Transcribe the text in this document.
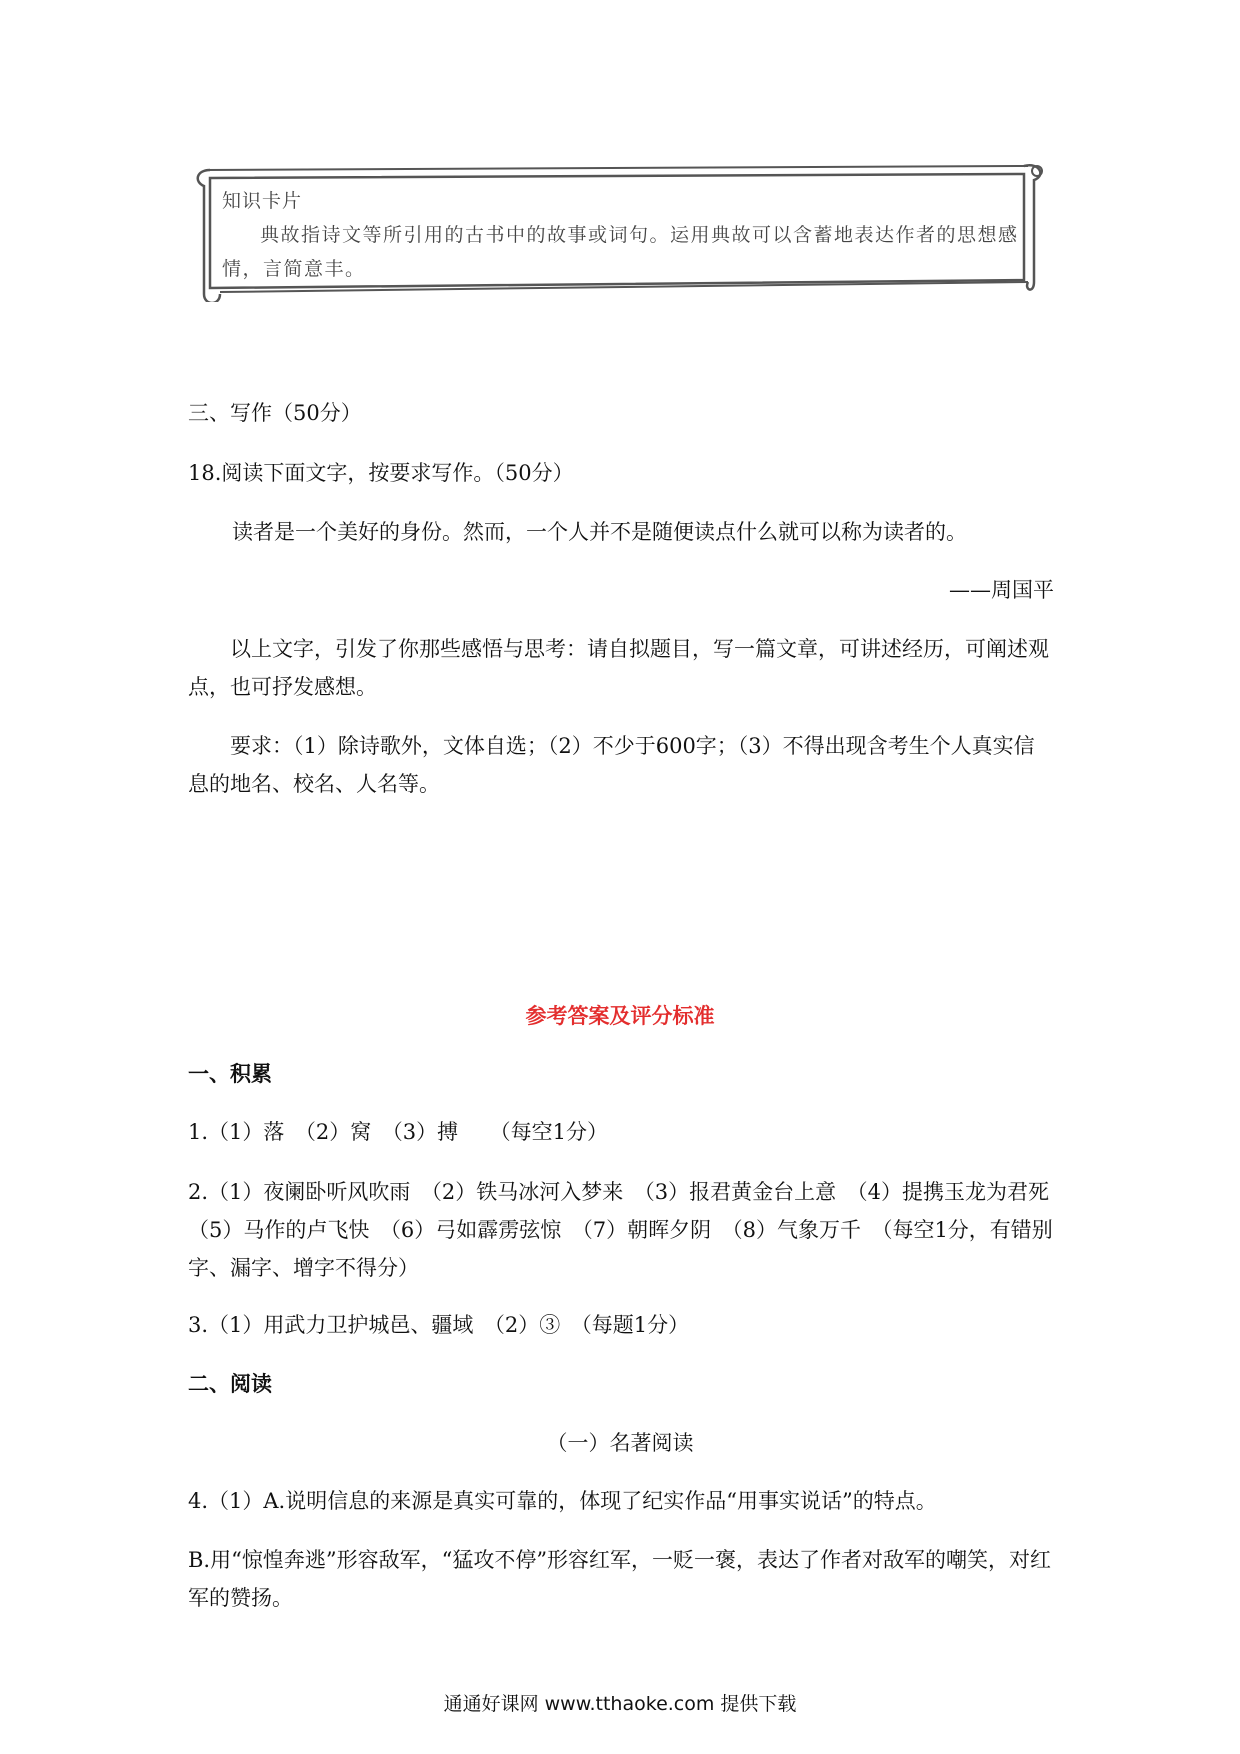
知识卡片
典故指诗文等所引用的古书中的故事或词句。运用典故可以含蓄地表达作者的思想感情，言简意丰。
三、写作（50分）
18.阅读下面文字，按要求写作。（50分）
读者是一个美好的身份。然而，一个人并不是随便读点什么就可以称为读者的。
——周国平
以上文字，引发了你那些感悟与思考：请自拟题目，写一篇文章，可讲述经历，可阐述观点，也可抒发感想。
要求：（1）除诗歌外，文体自选；（2）不少于600字；（3）不得出现含考生个人真实信息的地名、校名、人名等。
参考答案及评分标准
一、积累
1.（1）落　（2）窝　（3）搏　　（每空1分）
2.（1）夜阑卧听风吹雨　（2）铁马冰河入梦来　（3）报君黄金台上意　（4）提携玉龙为君死　（5）马作的卢飞快　（6）弓如霹雳弦惊　（7）朝晖夕阴　（8）气象万千　（每空1分，有错别字、漏字、增字不得分）
3.（1）用武力卫护城邑、疆域　（2）③　（每题1分）
二、阅读
（一）名著阅读
4.（1）A.说明信息的来源是真实可靠的，体现了纪实作品“用事实说话”的特点。
B.用“惊惶奔逃”形容敌军，“猛攻不停”形容红军，一贬一褒，表达了作者对敌军的嘲笑，对红军的赞扬。
通通好课网 www.tthaoke.com 提供下载
